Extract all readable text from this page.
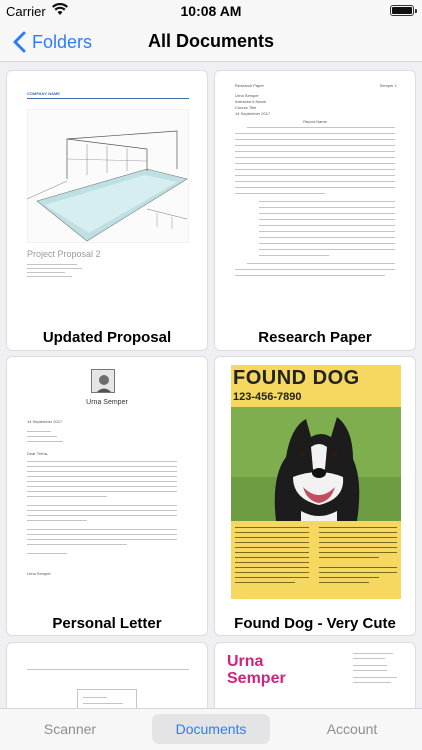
Carrier	10:08 AM
Folders	All Documents
COMPANY NAME
Project Proposal 2
Updated Proposal
Research Paper	Semper 1
Urna Semper
Instructor's Name
Course Title
14 September 2017
Report Name
Research Paper
Urna Semper
14 September 2017
Dear Trena,
Urna Semper
Personal Letter
FOUND DOG
123-456-7890
Found Dog - Very Cute
Urna
Semper
Scanner	Documents	Account
